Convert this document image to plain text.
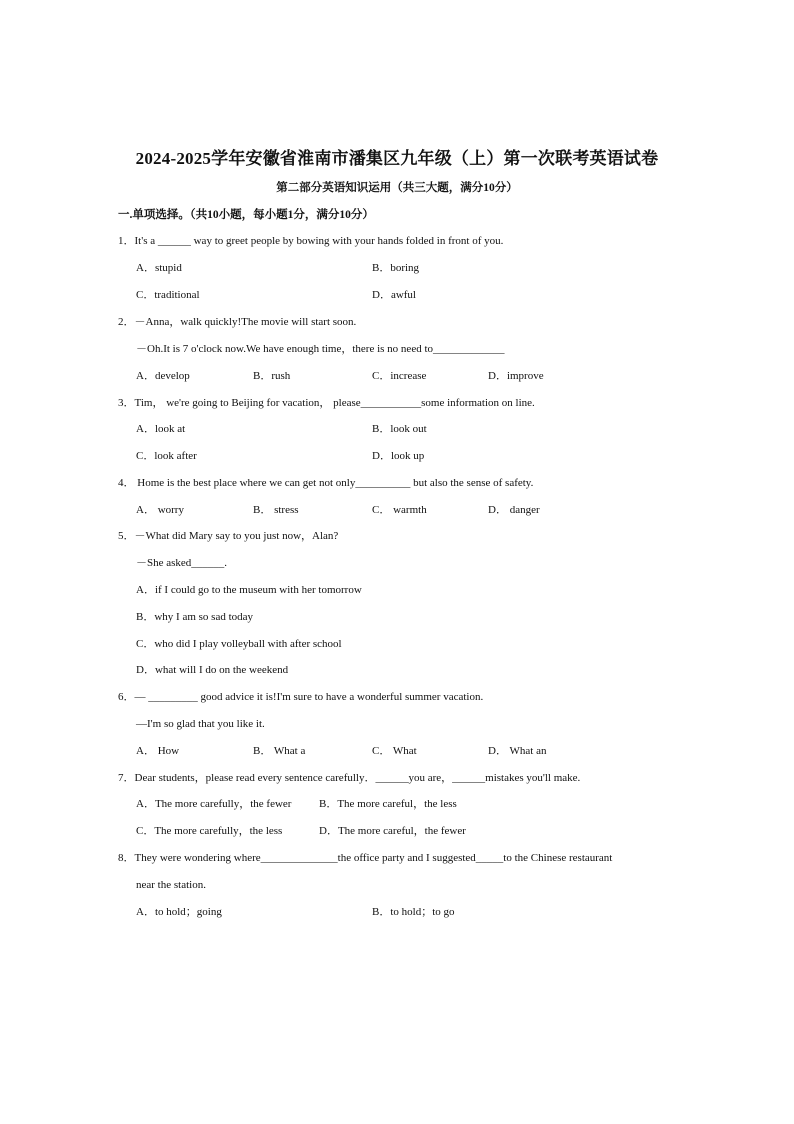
2024-2025学年安徽省淮南市潘集区九年级（上）第一次联考英语试卷
第二部分英语知识运用（共三大题，满分10分）
一.单项选择。（共10小题，每小题1分，满分10分）
1．It's a ______ way to greet people by bowing with your hands folded in front of you.
A．stupid	B．boring
C．traditional	D．awful
2．－Anna，walk quickly!The movie will start soon.
－Oh.It is 7 o'clock now.We have enough time，there is no need to_____________
A．develop	B．rush	C．increase	D．improve
3．Tim， we're going to Beijing for vacation， please___________some information on line.
A．look at	B．look out
C．look after	D．look up
4． Home is the best place where we can get not only__________ but also the sense of safety.
A． worry	B． stress	C． warmth	D． danger
5．－What did Mary say to you just now，Alan?
－She asked______.
A．if I could go to the museum with her tomorrow
B．why I am so sad today
C．who did I play volleyball with after school
D．what will I do on the weekend
6．— _________ good advice it is!I'm sure to have a wonderful summer vacation.
—I'm so glad that you like it.
A． How	B． What a	C． What	D． What an
7．Dear students，please read every sentence carefully．______you are，______mistakes you'll make.
A．The more carefully，the fewer	B．The more careful，the less
C．The more carefully，the less	D．The more careful，the fewer
8．They were wondering where______________the office party and I suggested_____to the Chinese restaurant
near the station.
A．to hold；going	B．to hold；to go
